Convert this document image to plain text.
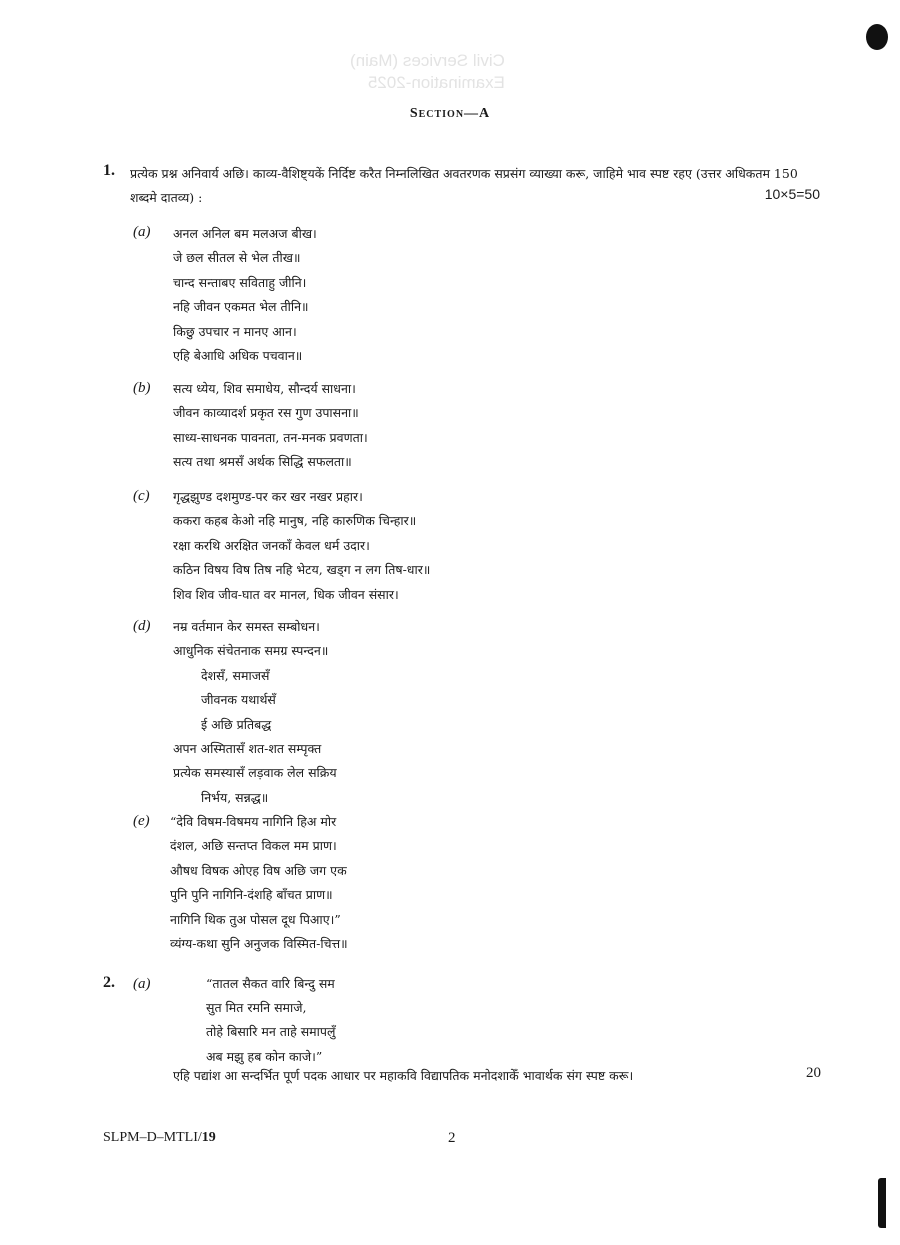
Civil Services (Main)
Examination-2025
Section—A
1. प्रत्येक प्रश्न अनिवार्य अछि। काव्य-वैशिष्ट्यकें निर्दिष्ट करैत निम्नलिखित अवतरणक सप्रसंग व्याख्या करू, जाहिमे भाव स्पष्ट रहए (उत्तर अधिकतम 150 शब्दमे दातव्य) :	10×5=50
(a) अनल अनिल बम मलअज बीख।
जे छल सीतल से भेल तीख॥
चान्द सन्ताबए सविताहु जीनि।
नहि जीवन एकमत भेल तीनि॥
किछु उपचार न मानए आन।
एहि बेआधि अधिक पचवान॥
(b) सत्य ध्येय, शिव समाधेय, सौन्दर्य साधना।
जीवन काव्यादर्श प्रकृत रस गुण उपासना॥
साध्य-साधनक पावनता, तन-मनक प्रवणता।
सत्य तथा श्रमसँ अर्थक सिद्धि सफलता॥
(c) गृद्धझुण्ड दशमुण्ड-पर कर खर नखर प्रहार।
ककरा कहब केओ नहि मानुष, नहि कारुणिक चिन्हार॥
रक्षा करथि अरक्षित जनकाँ केवल धर्म उदार।
कठिन विषय विष तिष नहि भेटय, खड्ग न लग तिष-धार॥
शिव शिव जीव-घात वर मानल, धिक जीवन संसार।
(d) नम्र वर्तमान केर समस्त सम्बोधन।
आधुनिक संचेतनाक समग्र स्पन्दन॥
देशसँ, समाजसँ
जीवनक यथार्थसँ
ई अछि प्रतिबद्ध
अपन अस्मितासँ शत-शत सम्पृक्त
प्रत्येक समस्यासँ लड़वाक लेल सक्रिय
निर्भय, सन्नद्ध॥
(e) “देवि विषम-विषमय नागिनि हिअ मोर
दंशल, अछि सन्तप्त विकल मम प्राण।
औषध विषक ओएह विष अछि जग एक
पुनि पुनि नागिनि-दंशहि बाँचत प्राण॥
नागिनि थिक तुअ पोसल दूध पिआए।”
व्यंग्य-कथा सुनि अनुजक विस्मित-चित्त॥
2. (a)	“तातल सैकत वारि बिन्दु सम
सुत मित रमनि समाजे,
तोहे बिसारि मन ताहे समापलुँ
अब मझु हब कोन काजे।”
एहि पद्यांश आ सन्दर्भित पूर्ण पदक आधार पर महाकवि विद्यापतिक मनोदशाकेँ भावार्थक संग स्पष्ट करू।	20
SLPM–D–MTLI/19	2
